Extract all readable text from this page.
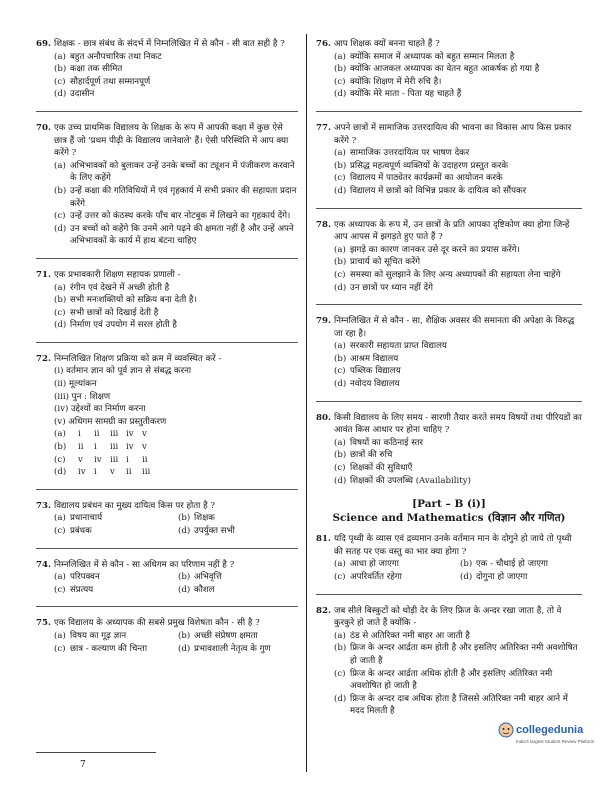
69. शिक्षक - छात्र संबंध के संदर्भ में निम्नलिखित में से कौन - सी बात सही है ?
(a) बहुत अनौपचारिक तथा निकट
(b) कक्षा तक सीमित
(c) सौहार्दपूर्ण तथा सम्मानपूर्ण
(d) उदासीन
70. एक उच्च प्राथमिक विद्यालय के शिक्षक के रूप में आपकी कक्षा में कुछ ऐसे छात्र हैं जो 'प्रथम पीढ़ी के विद्यालय जानेवाले' हैं। ऐसी परिस्थिति में आप क्या करेंगे ?
(a) अभिभावकों को बुलाकर उन्हें उनके बच्चों का ट्यूशन में पंजीकरण करवाने के लिए कहेंगे
(b) उन्हें कक्षा की गतिविधियों में एवं गृहकार्य में सभी प्रकार की सहायता प्रदान करेंगे
(c) उन्हें उत्तर को कंठस्थ करके पाँच बार नोटबुक में लिखने का गृहकार्य देंगे।
(d) उन बच्चों को कहेंगे कि उनमें आगे पढ़ने की क्षमता नहीं है और उन्हें अपने अभिभावकों के कार्य में हाथ बंटना चाहिए
71. एक प्रभावकारी शिक्षण सहायक प्रणाली -
(a) रंगीन एवं देखने में अच्छी होती है
(b) सभी मनःशक्तियों को सक्रिय बना देती है।
(c) सभी छात्रों को दिखाई देती है
(d) निर्माण एवं उपयोग में सरल होती है
72. निम्नलिखित शिक्षण प्रक्रिया को क्रम में व्यवस्थित करें -
(i) वर्तमान ज्ञान को पूर्व ज्ञान से संबद्ध करना
(ii) मूल्यांकन
(iii) पुन : शिक्षण
(iv) उद्देश्यों का निर्माण करना
(v) अधिगम सामग्री का प्रस्तुतीकरण
(a)	i	ii	iii iv v
(b)	ii	i	iii iv v
(c)	v	iv iii i	ii
(d)	iv i	v	ii	iii
73. विद्यालय प्रबंधन का मुख्य दायित्व किस पर होता है ?
(a) प्रधानाचार्य	(b) शिक्षक
(c) प्रबंधक	(d) उपर्युक्त सभी
74. निम्नलिखित में से कौन - सा अधिगम का परिणाम नहीं है ?
(a) परिपक्वन	(b) अभिवृत्ति
(c) संप्रत्यय	(d) कौशल
75. एक विद्यालय के अध्यापक की सबसे प्रमुख विशेषता कौन - सी है ?
(a) विषय का गूढ़ ज्ञान	(b) अच्छी संप्रेषण क्षमता
(c) छात्र - कल्याण की चिन्ता	(d) प्रभावशाली नेतृत्व के गुण
76. आप शिक्षक क्यों बनना चाहते हैं ?
(a) क्योंकि समाज में अध्यापक को बहुत सम्मान मिलता है
(b) क्योंकि आजकल अध्यापक का वेतन बहुत आकर्षक हो गया है
(c) क्योंकि शिक्षण में मेरी रुचि है।
(d) क्योंकि मेरे माता - पिता यह चाहते हैं
77. अपने छात्रों में सामाजिक उत्तरदायित्व की भावना का विकास आप किस प्रकार करेंगे ?
(a) सामाजिक उत्तरदायित्व पर भाषण देकर
(b) प्रसिद्ध महत्वपूर्ण व्यक्तियों के उदाहरण प्रस्तुत करके
(c) विद्यालय में पाठ्येतर कार्यक्रमों का आयोजन करके
(d) विद्यालय में छात्रों को विभिन्न प्रकार के दायित्व को सौंपकर
78. एक अध्यापक के रूप में, उन छात्रों के प्रति आपका दृष्टिकोण क्या होगा जिन्हें आप आपस में झगड़ते हुए पाते हैं ?
(a) झगड़े का कारण जानकर उसे दूर करने का प्रयास करेंगे।
(b) प्राचार्य को सूचित करेंगे
(c) समस्या को सुलझाने के लिए अन्य अध्यापकों की सहायता लेना चाहेंगे
(d) उन छात्रों पर ध्यान नहीं देंगे
79. निम्नलिखित में से कौन - सा, शैक्षिक अवसर की समानता की अपेक्षा के विरुद्ध जा रहा है।
(a) सरकारी सहायता प्राप्त विद्यालय
(b) आश्रम विद्यालय
(c) पब्लिक विद्यालय
(d) नवोदय विद्यालय
80. किसी विद्यालय के लिए समय - सारणी तैयार करते समय विषयों तथा पीरियडों का आवंत किस आधार पर होना चाहिए ?
(a) विषयों का कठिनाई स्तर
(b) छात्रों की रुचि
(c) शिक्षकों की सुविधाएँ
(d) शिक्षकों की उपलब्धि (Availability)
[Part – B (i)]
Science and Mathematics (विज्ञान और गणित)
81. यदि पृथ्वी के व्यास एवं द्रव्यमान उनके वर्तमान मान के दोगुने हो जाये तो पृथ्वी की सतह पर एक वस्तु का भार क्या होगा ?
(a) आधा हो जाएगा	(b) एक - चौथाई हो जाएगा
(c) अपरिवर्तित रहेगा	(d) दोगुना हो जाएगा
82. जब सीले बिस्कुटों को थोड़ी देर के लिए फ्रिज के अन्दर रखा जाता है, तो वे कुरकुरे हो जाते हैं क्योंकि -
(a) ठंड से अतिरिक्त नमी बाहर आ जाती है
(b) फ्रिज के अन्दर आर्द्रता कम होती है और इसलिए अतिरिक्त नमी अवशोषित हो जाती है
(c) फ्रिज के अन्दर आर्द्रता अधिक होती है और इसलिए अतिरिक्त नमी अवशोषित हो जाती है
(d) फ्रिज के अन्दर दाब अधिक होता है जिससे अतिरिक्त नमी बाहर आने में मदद मिलती है
7
collegedunia
India's largest Student Review Platform
